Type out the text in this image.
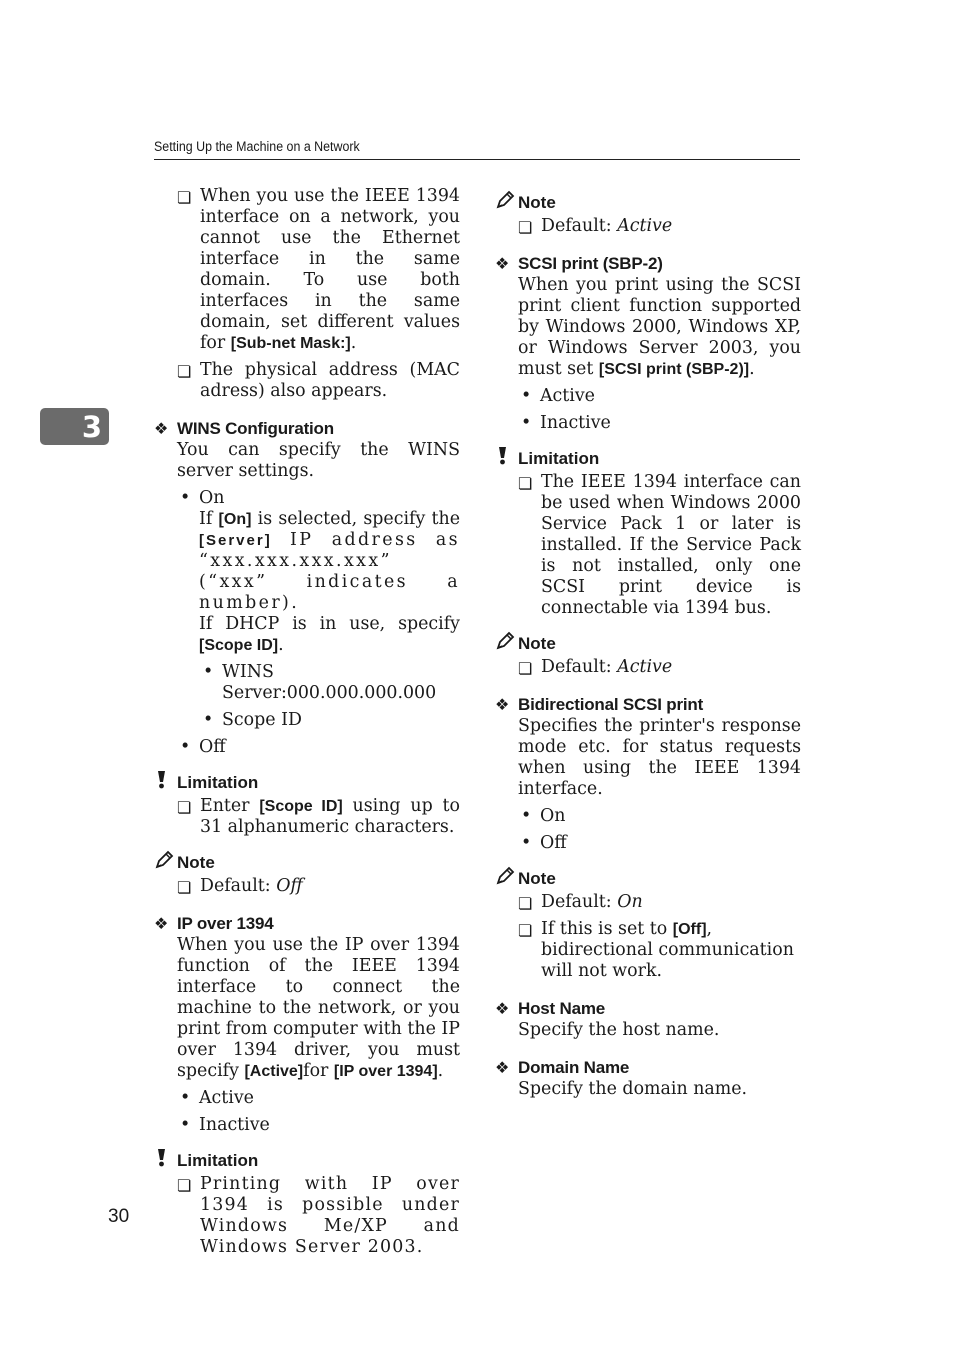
Setting Up the Machine on a Network
3
30
❏ When you use the IEEE 1394 interface on a network, you cannot use the Ethernet interface in the same domain. To use both interfaces in the same domain, set different values for [Sub-net Mask:].
❏ The physical address (MAC adress) also appears.
❖ WINS Configuration
You can specify the WINS server settings.
• On
If [On] is selected, specify the [Server] IP address as “xxx.xxx.xxx.xxx” (“xxx” indicates a number).
If DHCP is in use, specify [Scope ID].
• WINS Server:000.000.000.000
• Scope ID
• Off
Limitation
❏ Enter [Scope ID] using up to 31 alphanumeric characters.
Note
❏ Default: Off
❖ IP over 1394
When you use the IP over 1394 function of the IEEE 1394 interface to connect the machine to the network, or you print from computer with the IP over 1394 driver, you must specify [Active]for [IP over 1394].
• Active
• Inactive
Limitation
❏ Printing with IP over 1394 is possible under Windows Me/XP and Windows Server 2003.
Note
❏ Default: Active
❖ SCSI print (SBP-2)
When you print using the SCSI print client function supported by Windows 2000, Windows XP, or Windows Server 2003, you must set [SCSI print (SBP-2)].
• Active
• Inactive
Limitation
❏ The IEEE 1394 interface can be used when Windows 2000 Service Pack 1 or later is installed. If the Service Pack is not installed, only one SCSI print device is connectable via 1394 bus.
Note
❏ Default: Active
❖ Bidirectional SCSI print
Specifies the printer's response mode etc. for status requests when using the IEEE 1394 interface.
• On
• Off
Note
❏ Default: On
❏ If this is set to [Off], bidirectional communication will not work.
❖ Host Name
Specify the host name.
❖ Domain Name
Specify the domain name.
